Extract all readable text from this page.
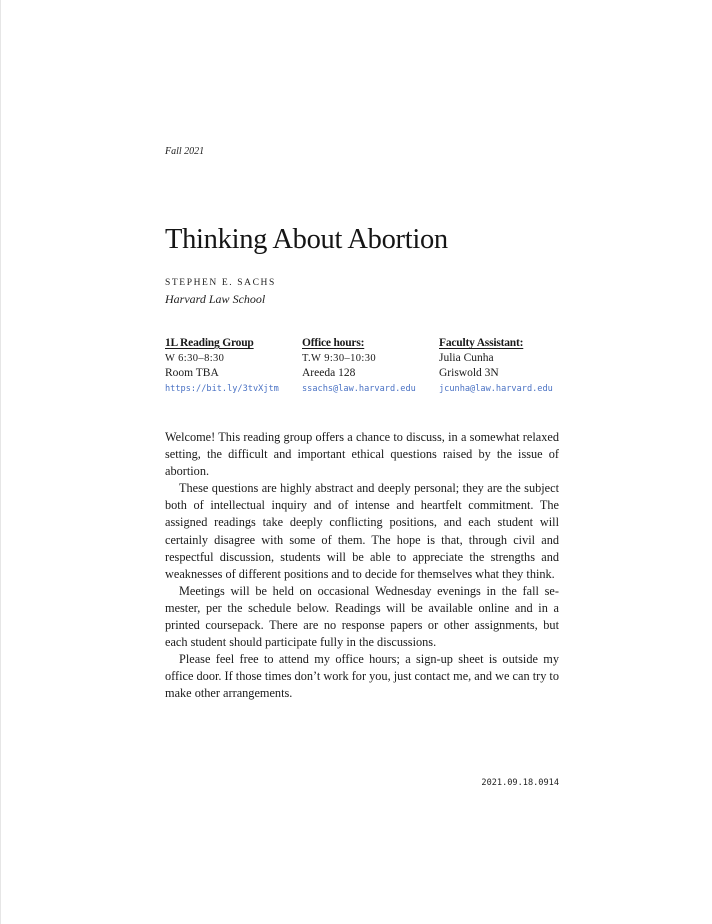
Fall 2021
Thinking About Abortion
STEPHEN E. SACHS
Harvard Law School
1L Reading Group
W 6:30–8:30
Room TBA
https://bit.ly/3tvXjtm
Office hours:
T.W 9:30–10:30
Areeda 128
ssachs@law.harvard.edu
Faculty Assistant:
Julia Cunha
Griswold 3N
jcunha@law.harvard.edu

Welcome! This reading group offers a chance to discuss, in a somewhat relaxed setting, the difficult and important ethical questions raised by the issue of abortion.

These questions are highly abstract and deeply personal; they are the subject both of intellectual inquiry and of intense and heartfelt commitment. The assigned readings take deeply conflicting positions, and each student will certainly disagree with some of them. The hope is that, through civil and respectful discussion, students will be able to appreciate the strengths and weaknesses of different positions and to decide for themselves what they think.

Meetings will be held on occasional Wednesday evenings in the fall semester, per the schedule below. Readings will be available online and in a printed coursepack. There are no response papers or other assignments, but each student should participate fully in the discussions.

Please feel free to attend my office hours; a sign-up sheet is outside my office door. If those times don’t work for you, just contact me, and we can try to make other arrangements.

2021.09.18.0914
